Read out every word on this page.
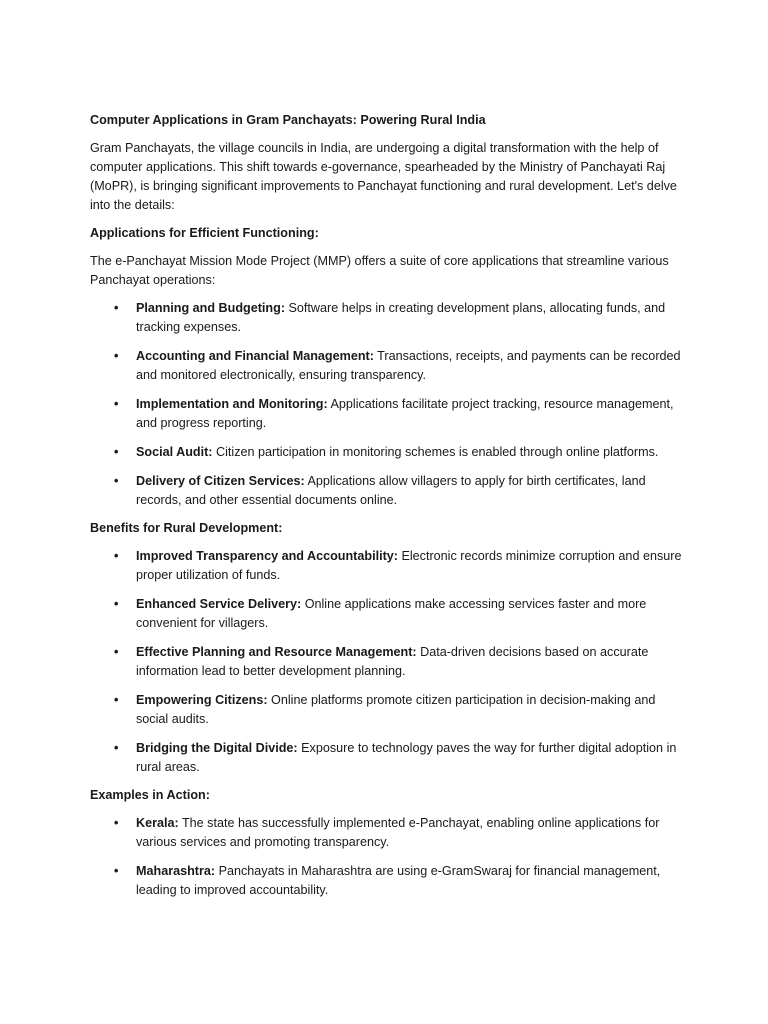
Computer Applications in Gram Panchayats: Powering Rural India
Gram Panchayats, the village councils in India, are undergoing a digital transformation with the help of computer applications. This shift towards e-governance, spearheaded by the Ministry of Panchayati Raj (MoPR), is bringing significant improvements to Panchayat functioning and rural development. Let's delve into the details:
Applications for Efficient Functioning:
The e-Panchayat Mission Mode Project (MMP) offers a suite of core applications that streamline various Panchayat operations:
• Planning and Budgeting: Software helps in creating development plans, allocating funds, and tracking expenses.
• Accounting and Financial Management: Transactions, receipts, and payments can be recorded and monitored electronically, ensuring transparency.
• Implementation and Monitoring: Applications facilitate project tracking, resource management, and progress reporting.
• Social Audit: Citizen participation in monitoring schemes is enabled through online platforms.
• Delivery of Citizen Services: Applications allow villagers to apply for birth certificates, land records, and other essential documents online.
Benefits for Rural Development:
• Improved Transparency and Accountability: Electronic records minimize corruption and ensure proper utilization of funds.
• Enhanced Service Delivery: Online applications make accessing services faster and more convenient for villagers.
• Effective Planning and Resource Management: Data-driven decisions based on accurate information lead to better development planning.
• Empowering Citizens: Online platforms promote citizen participation in decision-making and social audits.
• Bridging the Digital Divide: Exposure to technology paves the way for further digital adoption in rural areas.
Examples in Action:
• Kerala: The state has successfully implemented e-Panchayat, enabling online applications for various services and promoting transparency.
• Maharashtra: Panchayats in Maharashtra are using e-GramSwaraj for financial management, leading to improved accountability.
